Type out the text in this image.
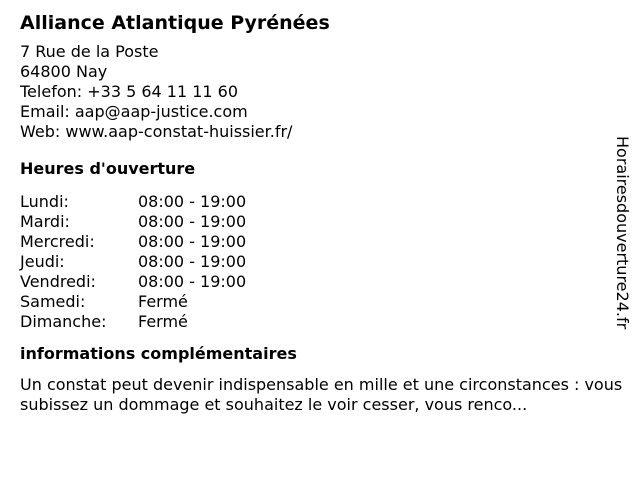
Alliance Atlantique Pyrénées
7 Rue de la Poste
64800 Nay
Telefon: +33 5 64 11 11 60
Email: aap@aap-justice.com
Web: www.aap-constat-huissier.fr/
Heures d'ouverture
Lundi:	08:00 - 19:00
Mardi:	08:00 - 19:00
Mercredi:	08:00 - 19:00
Jeudi:	08:00 - 19:00
Vendredi:	08:00 - 19:00
Samedi:	Fermé
Dimanche:	Fermé
informations complémentaires
Un constat peut devenir indispensable en mille et une circonstances : vous subissez un dommage et souhaitez le voir cesser, vous renco...
Horairesdouverture24.fr
